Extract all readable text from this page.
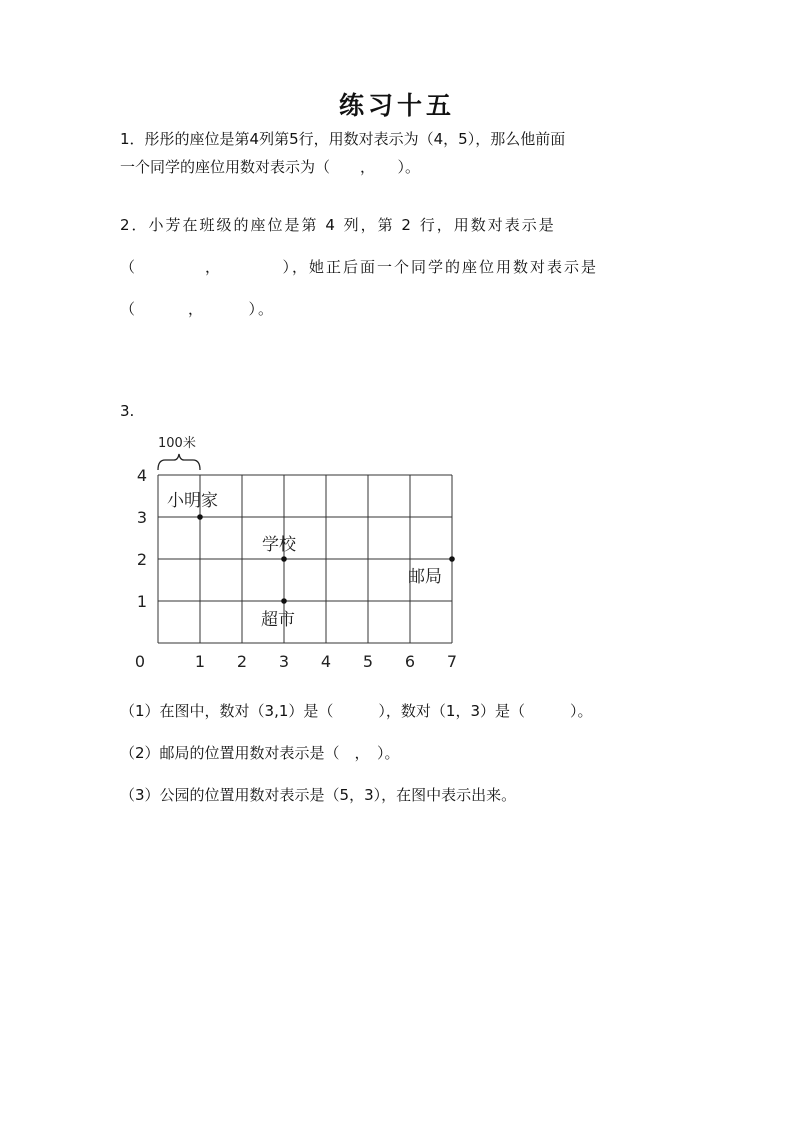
练习十五
1．彤彤的座位是第4列第5行，用数对表示为（4，5），那么他前面
一个同学的座位用数对表示为（　　，　　）。
2．小芳在班级的座位是第 4 列，第 2 行，用数对表示是
（　　　　，　　　　），她正后面一个同学的座位用数对表示是
（　　　，　　　）。
3.
100米
0	1 2 3 4 5 6 7
1
2
3
4
小明家
学校
超市
邮局
（1）在图中，数对（3,1）是（　　　），数对（1，3）是（　　　）。
（2）邮局的位置用数对表示是（　，　）。
（3）公园的位置用数对表示是（5，3），在图中表示出来。
